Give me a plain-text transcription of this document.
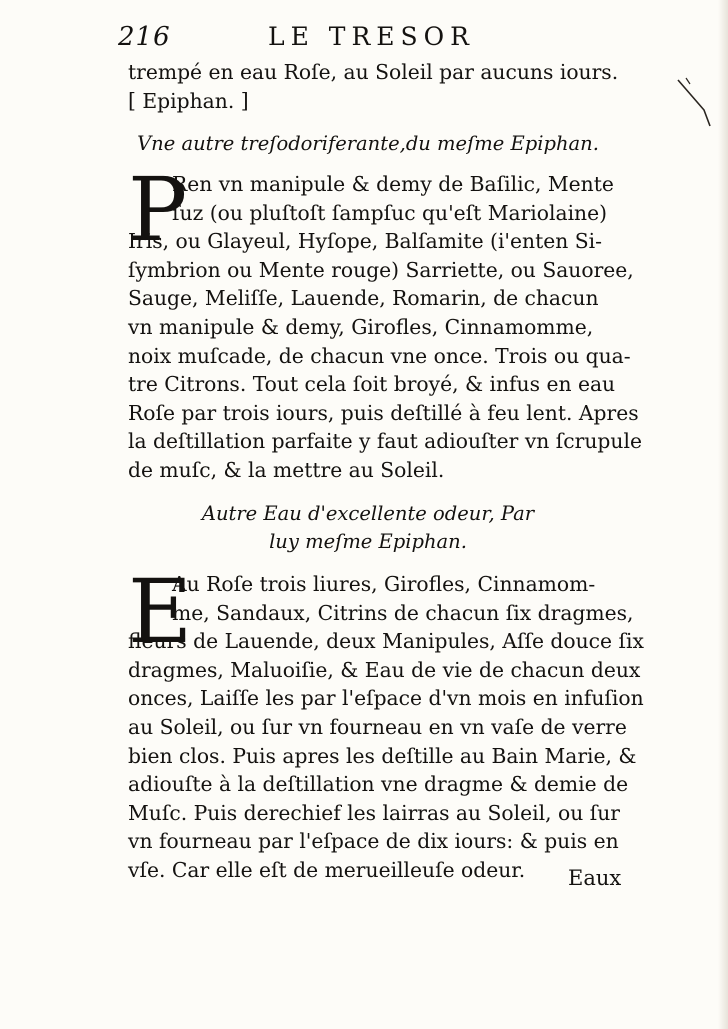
216	LE TRESOR
trempé en eau Roſe, au Soleil par aucuns iours.
[ Epiphan. ]
Vne autre treſodoriferante,du meſme Epiphan.
P
Ren vn manipule & demy de Baſilic, Mente
ſuz (ou pluſtoſt ſampſuc qu'eſt Mariolaine)
Iris, ou Glayeul, Hyſope, Balſamite (i'enten Si-
ſymbrion ou Mente rouge) Sarriette, ou Sauoree,
Sauge, Meliſſe, Lauende, Romarin, de chacun
vn manipule & demy, Girofles, Cinnamomme,
noix muſcade, de chacun vne once. Trois ou qua-
tre Citrons. Tout cela ſoit broyé, & infus en eau
Roſe par trois iours, puis deſtillé à feu lent. Apres
la deſtillation parfaite y faut adiouſter vn ſcrupule
de muſc, & la mettre au Soleil.
Autre Eau d'excellente odeur, Par
luy meſme Epiphan.
E
Au Roſe trois liures, Girofles, Cinnamom-
me, Sandaux, Citrins de chacun ſix dragmes,
fleurs de Lauende, deux Manipules, Aſſe douce ſix
dragmes, Maluoiſie, & Eau de vie de chacun deux
onces, Laiſſe les par l'eſpace d'vn mois en infuſion
au Soleil, ou ſur vn fourneau en vn vaſe de verre
bien clos. Puis apres les deſtille au Bain Marie, &
adiouſte à la deſtillation vne dragme & demie de
Muſc. Puis derechief les lairras au Soleil, ou ſur
vn fourneau par l'eſpace de dix iours: & puis en
vſe. Car elle eſt de merueilleuſe odeur.	Eaux
